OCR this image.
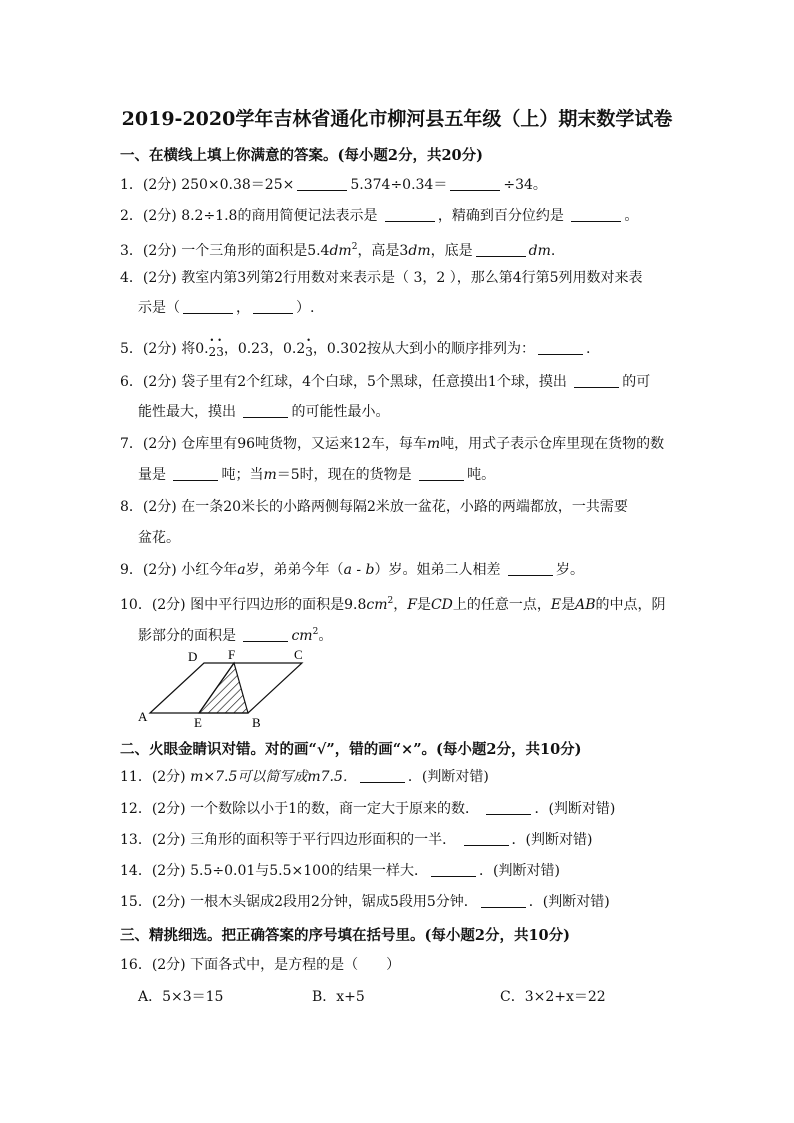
2019-2020学年吉林省通化市柳河县五年级（上）期末数学试卷
一、在横线上填上你满意的答案。(每小题2分，共20分)
1．(2分) 250×0.38＝25×	5.374÷0.34＝	÷34。
2．(2分) 8.2÷1.8的商用简便记法表示是	，精确到百分位约是	。
3．(2分) 一个三角形的面积是$5.4dm^2$，高是3dm，底是	dm.
4．(2分) 教室内第3列第2行用数对来表示是（ 3，2 ），那么第4行第5列用数对来表
示是（	，	）.
5．(2分) 将0.• 2• 3，0.23，0.2• 3，0.302按从大到小的顺序排列为：	.
6．(2分) 袋子里有2个红球，4个白球，5个黑球，任意摸出1个球，摸出	的可
能性最大，摸出	的可能性最小。
7．(2分) 仓库里有96吨货物，又运来12车，每车m吨，用式子表示仓库里现在货物的数
量是	吨；当m＝5时，现在的货物是	吨。
8．(2分) 在一条20米长的小路两侧每隔2米放一盆花，小路的两端都放，一共需要
盆花。
9．(2分) 小红今年a岁，弟弟今年（a - b）岁。姐弟二人相差	岁。
10．(2分) 图中平行四边形的面积是$9.8cm^2$，F是CD上的任意一点，E是AB的中点，阴
影部分的面积是	$cm^2$。
A	B
C
D
E
F
二、火眼金睛识对错。对的画“√”，错的画“×”。(每小题2分，共10分)
11．(2分) m×7.5可以简写成m7.5．	．(判断对错)
12．(2分) 一个数除以小于1的数，商一定大于原来的数．	．(判断对错)
13．(2分) 三角形的面积等于平行四边形面积的一半．	．(判断对错)
14．(2分) 5.5÷0.01与5.5×100的结果一样大．	．(判断对错)
15．(2分) 一根木头锯成2段用2分钟，锯成5段用5分钟．	．(判断对错)
三、精挑细选。把正确答案的序号填在括号里。(每小题2分，共10分)
16．(2分) 下面各式中，是方程的是（　　）
A．5×3＝15	B．x+5	C．3×2+x＝22
